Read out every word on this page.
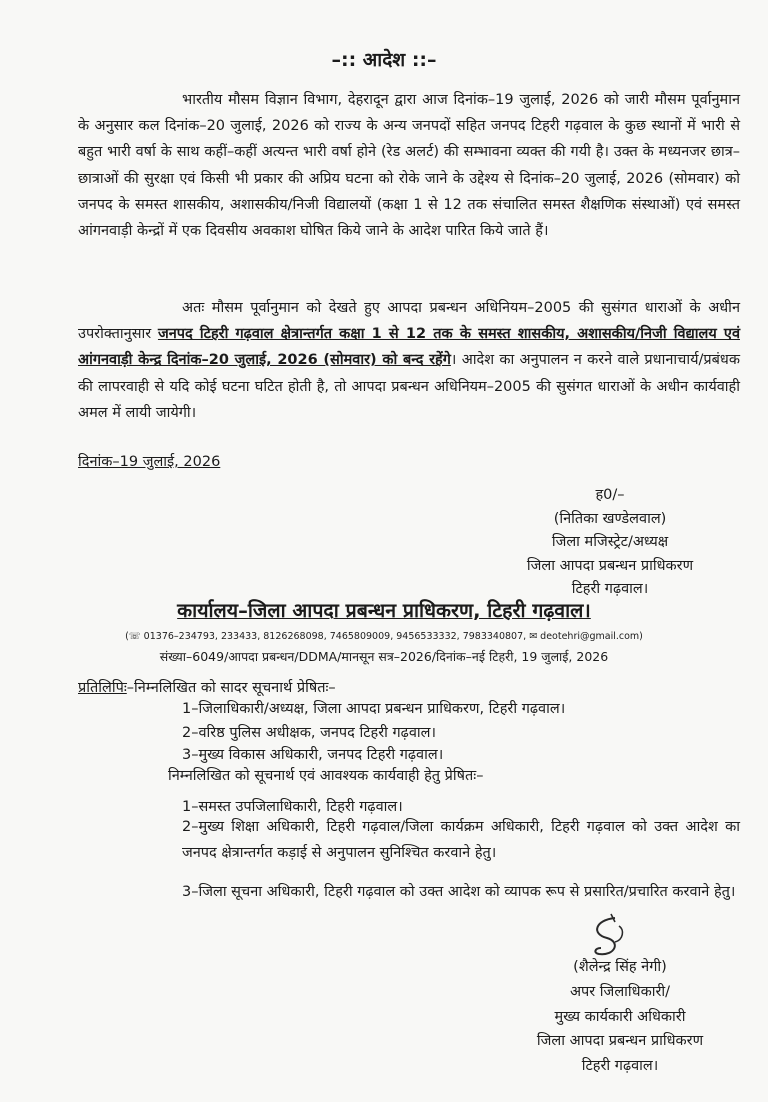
–:: आदेश ::–

भारतीय मौसम विज्ञान विभाग, देहरादून द्वारा आज दिनांक–19 जुलाई, 2026 को जारी मौसम पूर्वानुमान के अनुसार कल दिनांक–20 जुलाई, 2026 को राज्य के अन्य जनपदों सहित जनपद टिहरी गढ़वाल के कुछ स्थानों में भारी से बहुत भारी वर्षा के साथ कहीं–कहीं अत्यन्त भारी वर्षा होने (रेड अलर्ट) की सम्भावना व्यक्त की गयी है। उक्त के मध्यनजर छात्र–छात्राओं की सुरक्षा एवं किसी भी प्रकार की अप्रिय घटना को रोके जाने के उद्देश्य से दिनांक–20 जुलाई, 2026 (सोमवार) को जनपद के समस्त शासकीय, अशासकीय/निजी विद्यालयों (कक्षा 1 से 12 तक संचालित समस्त शैक्षणिक संस्थाओं) एवं समस्त आंगनवाड़ी केन्द्रों में एक दिवसीय अवकाश घोषित किये जाने के आदेश पारित किये जाते हैं।

अतः मौसम पूर्वानुमान को देखते हुए आपदा प्रबन्धन अधिनियम–2005 की सुसंगत धाराओं के अधीन उपरोक्तानुसार जनपद टिहरी गढ़वाल क्षेत्रान्तर्गत कक्षा 1 से 12 तक के समस्त शासकीय, अशासकीय/निजी विद्यालय एवं आंगनवाड़ी केन्द्र दिनांक–20 जुलाई, 2026 (सोमवार) को बन्द रहेंगे। आदेश का अनुपालन न करने वाले प्रधानाचार्य/प्रबंधक की लापरवाही से यदि कोई घटना घटित होती है, तो आपदा प्रबन्धन अधिनियम–2005 की सुसंगत धाराओं के अधीन कार्यवाही अमल में लायी जायेगी।

दिनांक–19 जुलाई, 2026
ह0/–
(नितिका खण्डेलवाल)
जिला मजिस्ट्रेट/अध्यक्ष
जिला आपदा प्रबन्धन प्राधिकरण
टिहरी गढ़वाल।
कार्यालय–जिला आपदा प्रबन्धन प्राधिकरण, टिहरी गढ़वाल।
(☏ 01376–234793, 233433, 8126268098, 7465809009, 9456533332, 7983340807, ✉ deotehri@gmail.com)
संख्या–6049/आपदा प्रबन्धन/DDMA/मानसून सत्र–2026/दिनांक–नई टिहरी, 19 जुलाई, 2026
प्रतिलिपिः–निम्नलिखित को सादर सूचनार्थ प्रेषितः–
1–जिलाधिकारी/अध्यक्ष, जिला आपदा प्रबन्धन प्राधिकरण, टिहरी गढ़वाल।
2–वरिष्ठ पुलिस अधीक्षक, जनपद टिहरी गढ़वाल।
3–मुख्य विकास अधिकारी, जनपद टिहरी गढ़वाल।
निम्नलिखित को सूचनार्थ एवं आवश्यक कार्यवाही हेतु प्रेषितः–
1–समस्त उपजिलाधिकारी, टिहरी गढ़वाल।
2–मुख्य शिक्षा अधिकारी, टिहरी गढ़वाल/जिला कार्यक्रम अधिकारी, टिहरी गढ़वाल को उक्त आदेश का जनपद क्षेत्रान्तर्गत कड़ाई से अनुपालन सुनिश्चित करवाने हेतु।
3–जिला सूचना अधिकारी, टिहरी गढ़वाल को उक्त आदेश को व्यापक रूप से प्रसारित/प्रचारित करवाने हेतु।
(शैलेन्द्र सिंह नेगी)
अपर जिलाधिकारी/
मुख्य कार्यकारी अधिकारी
जिला आपदा प्रबन्धन प्राधिकरण
टिहरी गढ़वाल।
